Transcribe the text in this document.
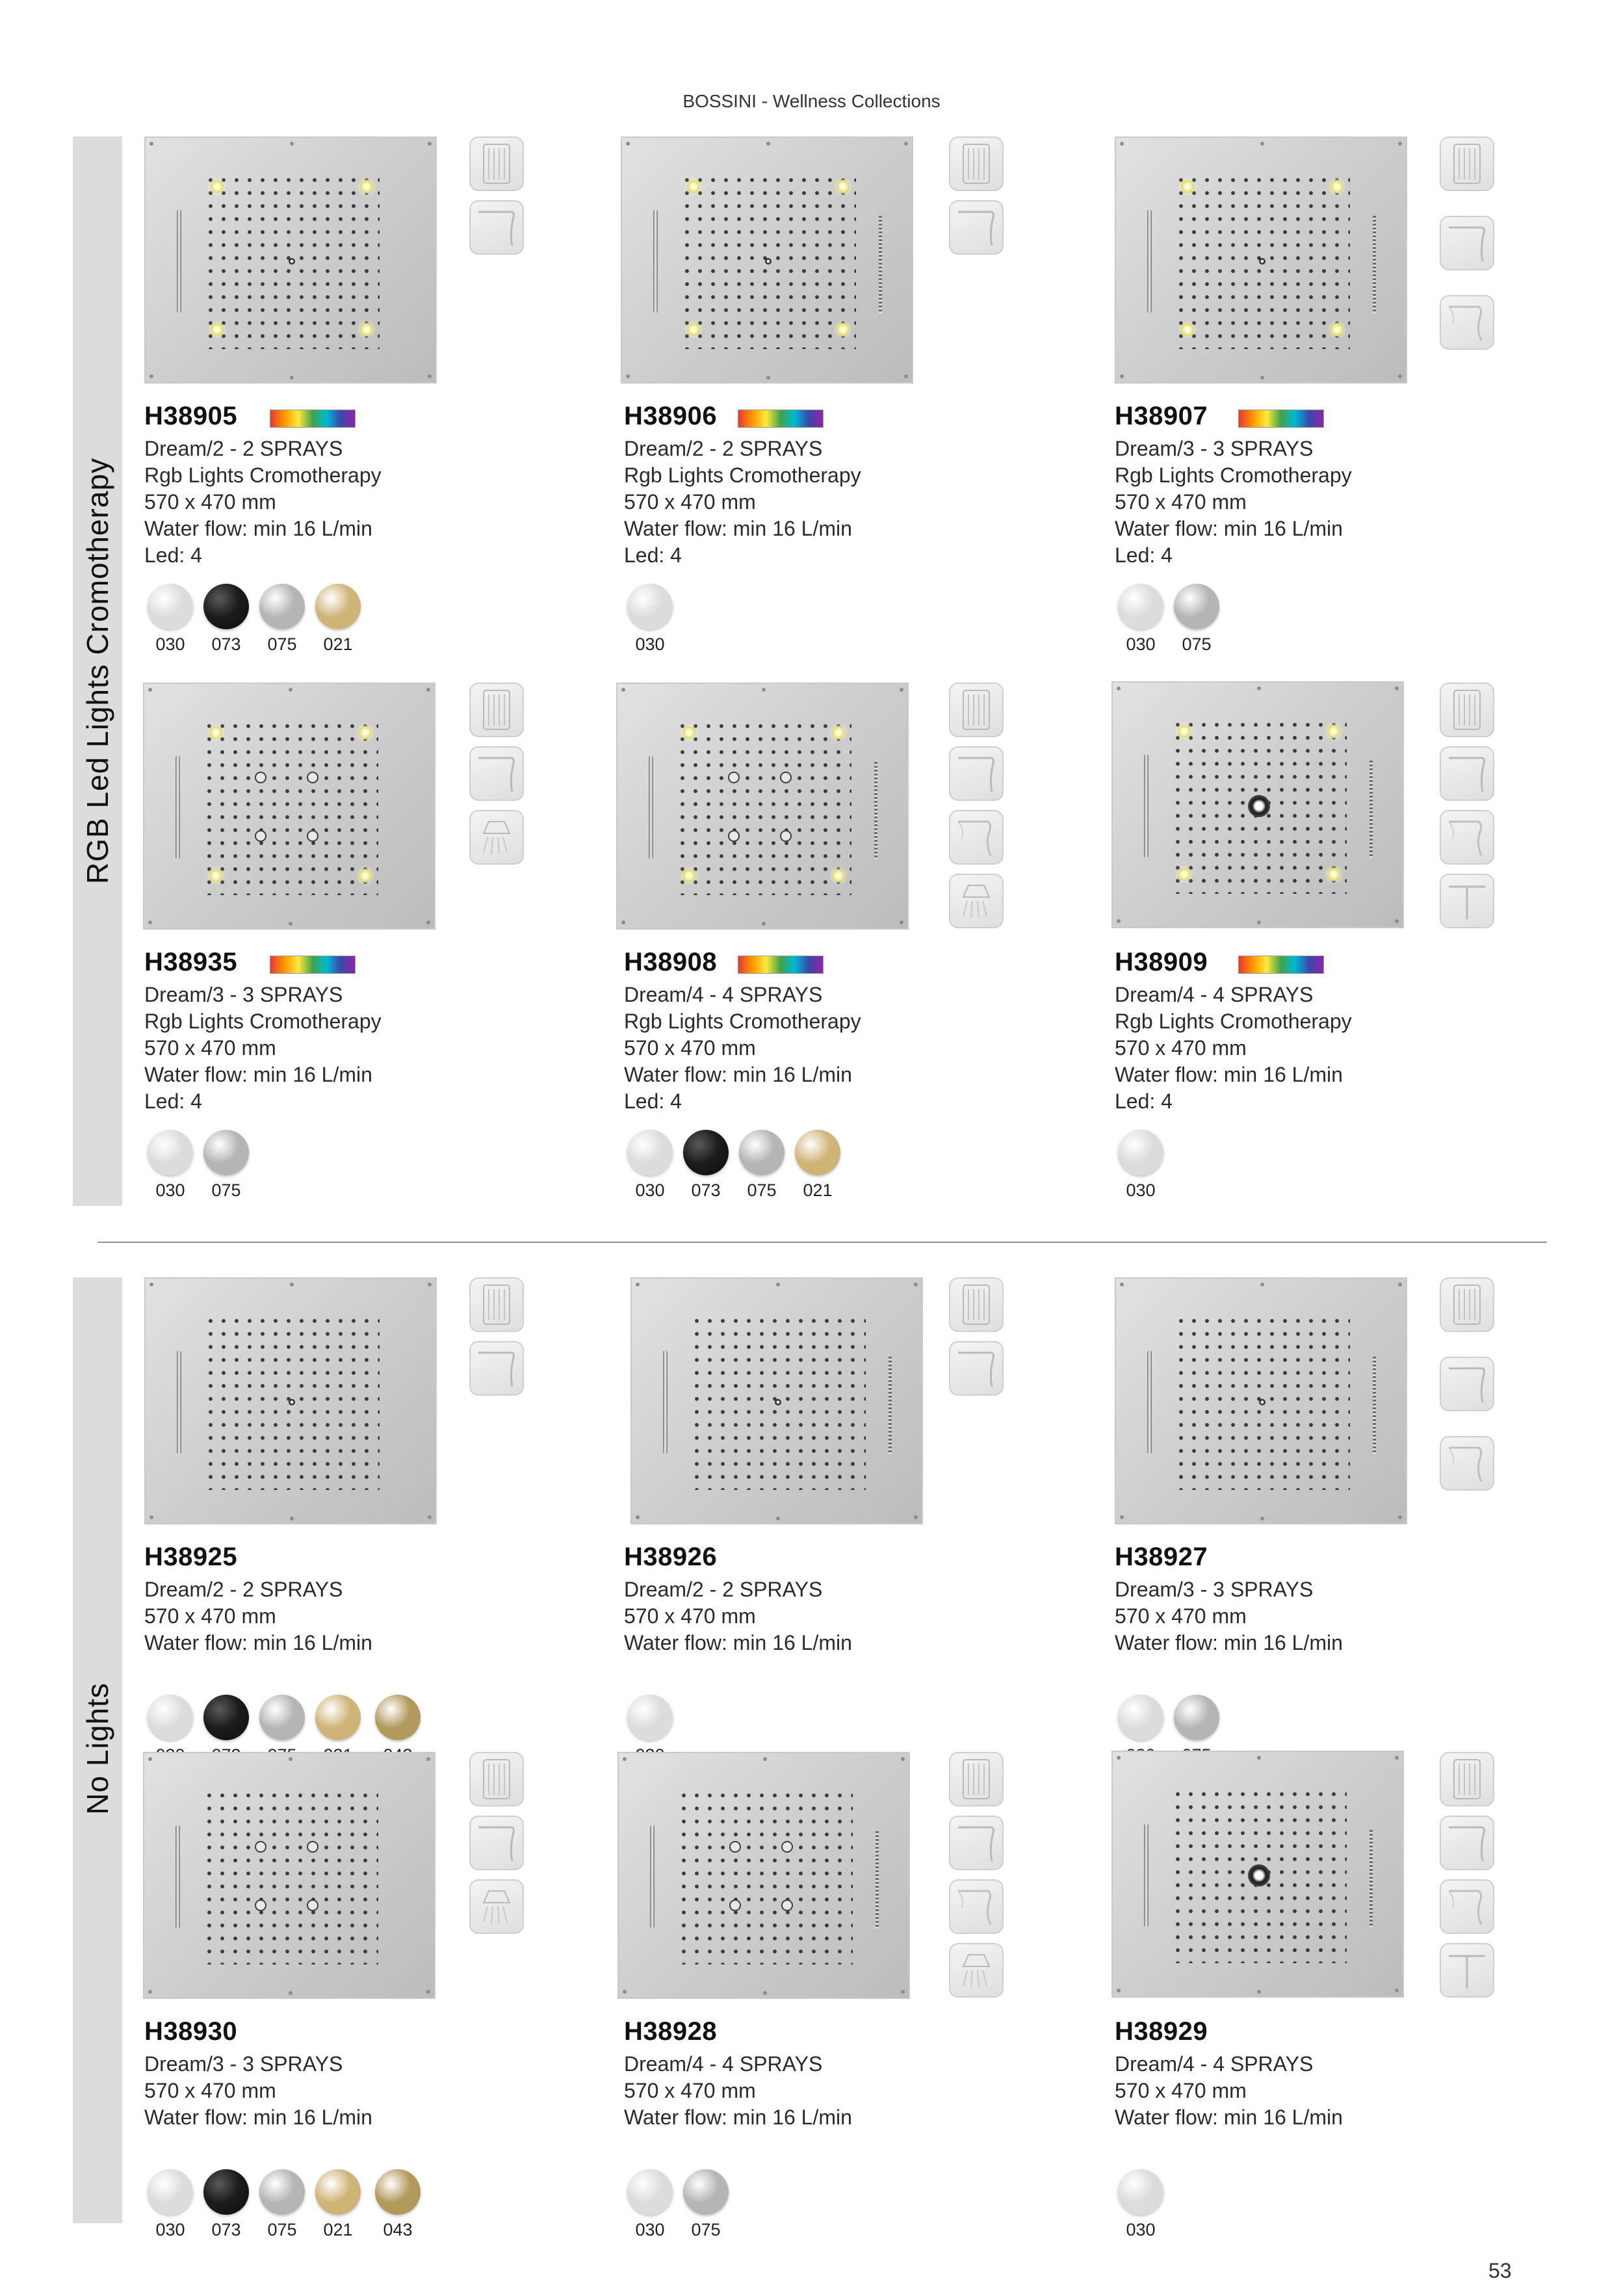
BOSSINI - Wellness Collections
RGB Led Lights Cromotherapy
No Lights
H38905
Dream/2 - 2 SPRAYS
Rgb Lights Cromotherapy
570 x 470 mm
Water flow: min 16 L/min
Led: 4
030	073	075	021
H38906
Dream/2 - 2 SPRAYS
Rgb Lights Cromotherapy
570 x 470 mm
Water flow: min 16 L/min
Led: 4
030
H38907
Dream/3 - 3 SPRAYS
Rgb Lights Cromotherapy
570 x 470 mm
Water flow: min 16 L/min
Led: 4
030	075
H38935
Dream/3 - 3 SPRAYS
Rgb Lights Cromotherapy
570 x 470 mm
Water flow: min 16 L/min
Led: 4
030	075
H38908
Dream/4 - 4 SPRAYS
Rgb Lights Cromotherapy
570 x 470 mm
Water flow: min 16 L/min
Led: 4
030	073	075	021
H38909
Dream/4 - 4 SPRAYS
Rgb Lights Cromotherapy
570 x 470 mm
Water flow: min 16 L/min
Led: 4
030
H38925
Dream/2 - 2 SPRAYS
570 x 470 mm
Water flow: min 16 L/min
H38926
Dream/2 - 2 SPRAYS
570 x 470 mm
Water flow: min 16 L/min
H38927
Dream/3 - 3 SPRAYS
570 x 470 mm
Water flow: min 16 L/min
H38930
Dream/3 - 3 SPRAYS
570 x 470 mm
Water flow: min 16 L/min
030	073	075	021	043
H38928
Dream/4 - 4 SPRAYS
570 x 470 mm
Water flow: min 16 L/min
030	075
H38929
Dream/4 - 4 SPRAYS
570 x 470 mm
Water flow: min 16 L/min
030
53
